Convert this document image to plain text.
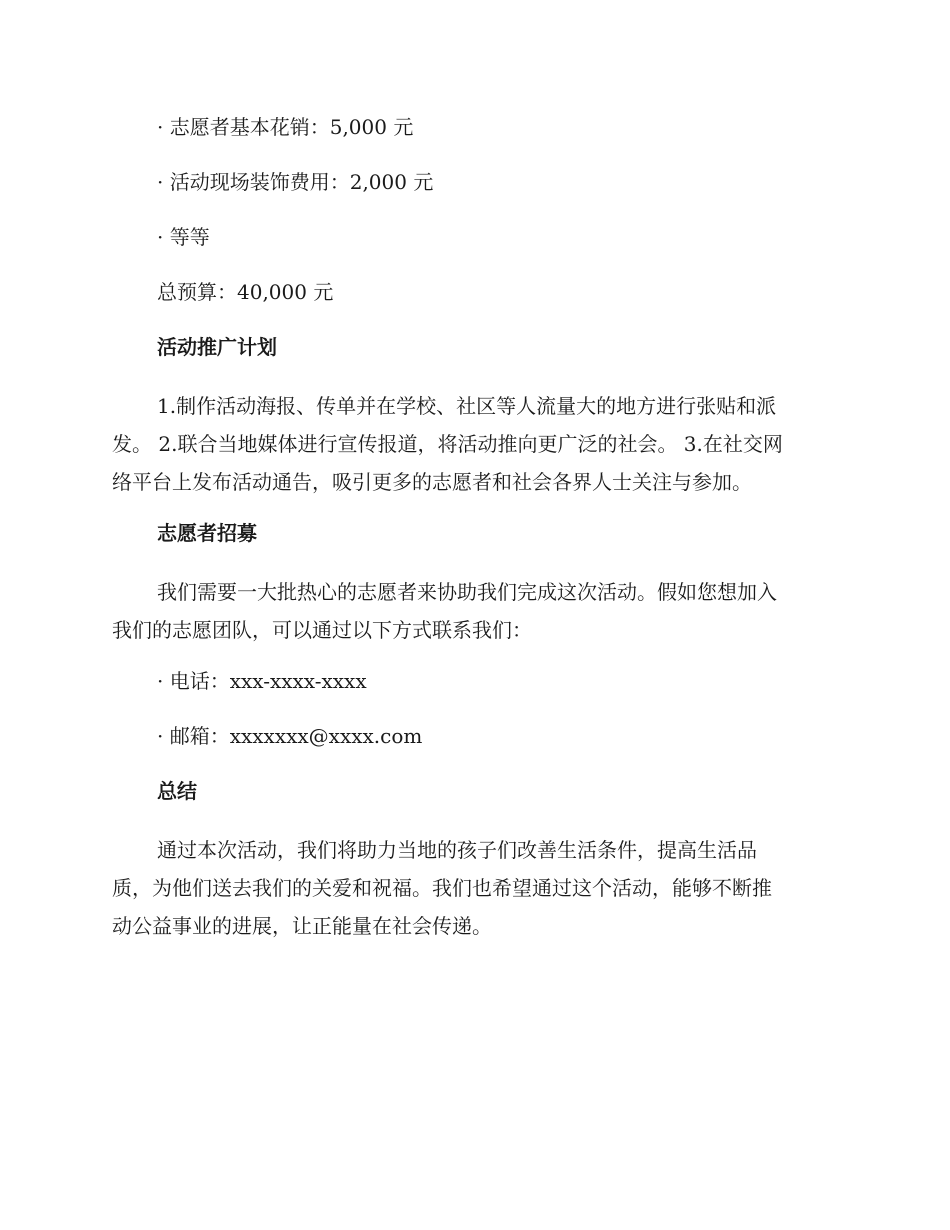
· 志愿者基本花销：5,000 元

· 活动现场装饰费用：2,000 元

· 等等

总预算：40,000 元

活动推广计划
1.制作活动海报、传单并在学校、社区等人流量大的地方进行张贴和派
发。 2.联合当地媒体进行宣传报道，将活动推向更广泛的社会。 3.在社交网
络平台上发布活动通告，吸引更多的志愿者和社会各界人士关注与参加。
志愿者招募
我们需要一大批热心的志愿者来协助我们完成这次活动。假如您想加入
我们的志愿团队，可以通过以下方式联系我们：

· 电话：xxx-xxxx-xxxx

· 邮箱：xxxxxxx@xxxx.com

总结
通过本次活动，我们将助力当地的孩子们改善生活条件，提高生活品
质，为他们送去我们的关爱和祝福。我们也希望通过这个活动，能够不断推
动公益事业的进展，让正能量在社会传递。
